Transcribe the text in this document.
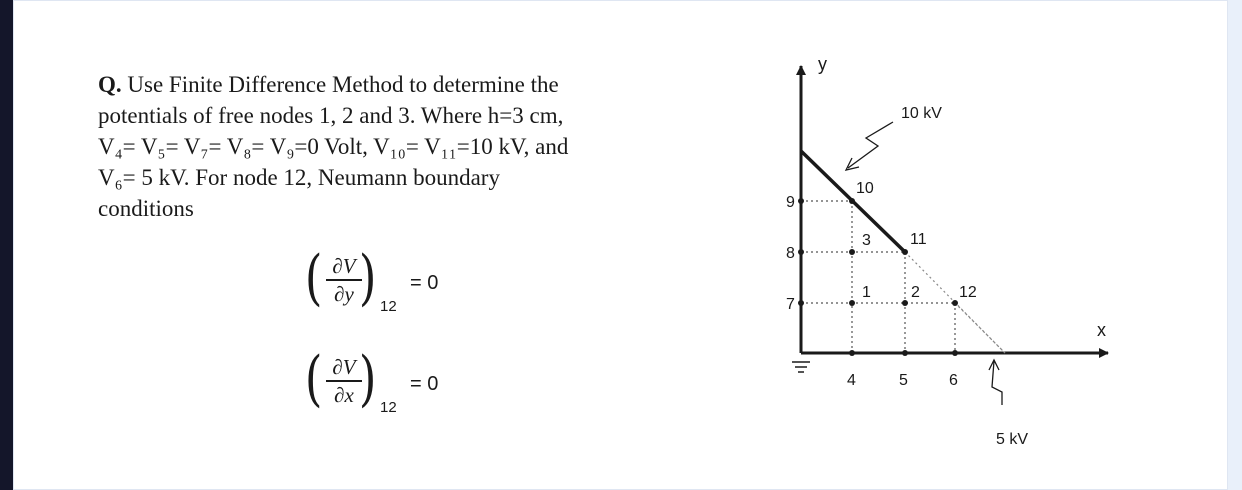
Q. Use Finite Difference Method to determine the
potentials of free nodes 1, 2 and 3. Where h=3 cm,
V₄= V₅= V₇= V₈= V₉=0 Volt, V₁₀= V₁₁=10 kV, and
V₆= 5 kV. For node 12, Neumann boundary
conditions
( ∂V
∂y ) 12
= 0
( ∂V
∂x ) 12
= 0
y
x
1	2
3
4	5	6
7
8
9
10
11
12
10 kV
5 kV
